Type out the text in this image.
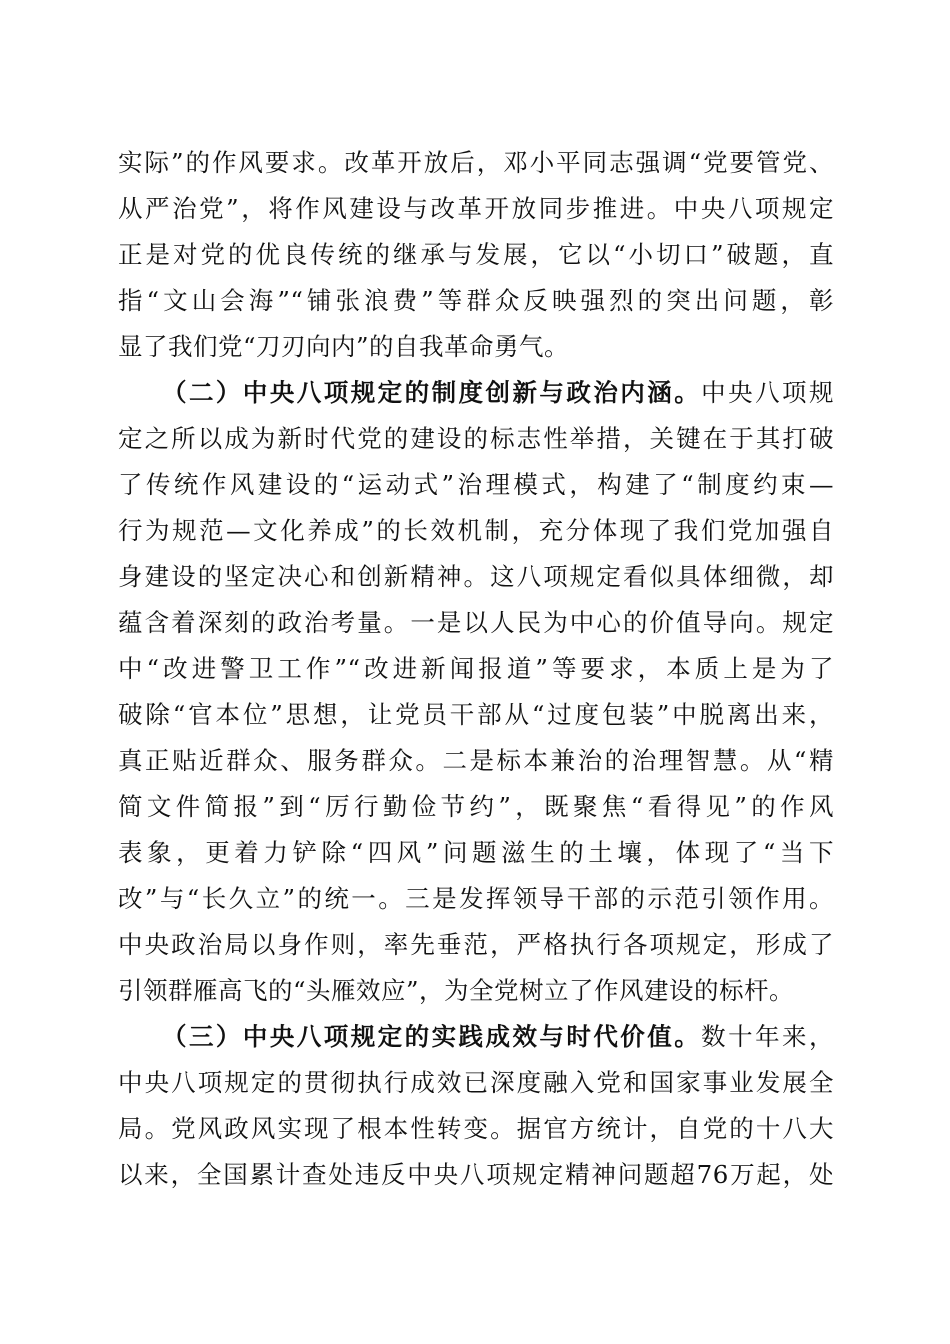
实际”的作风要求。改革开放后，邓小平同志强调“党要管党、
从严治党”，将作风建设与改革开放同步推进。中央八项规定
正是对党的优良传统的继承与发展，它以“小切口”破题，直
指“文山会海”“铺张浪费”等群众反映强烈的突出问题，彰
显了我们党“刀刃向内”的自我革命勇气。
（二）中央八项规定的制度创新与政治内涵。中央八项规
定之所以成为新时代党的建设的标志性举措，关键在于其打破
了传统作风建设的“运动式”治理模式，构建了“制度约束—
行为规范—文化养成”的长效机制，充分体现了我们党加强自
身建设的坚定决心和创新精神。这八项规定看似具体细微，却
蕴含着深刻的政治考量。一是以人民为中心的价值导向。规定
中“改进警卫工作”“改进新闻报道”等要求，本质上是为了
破除“官本位”思想，让党员干部从“过度包装”中脱离出来，
真正贴近群众、服务群众。二是标本兼治的治理智慧。从“精
简文件简报”到“厉行勤俭节约”，既聚焦“看得见”的作风
表象，更着力铲除“四风”问题滋生的土壤，体现了“当下
改”与“长久立”的统一。三是发挥领导干部的示范引领作用。
中央政治局以身作则，率先垂范，严格执行各项规定，形成了
引领群雁高飞的“头雁效应”，为全党树立了作风建设的标杆。
（三）中央八项规定的实践成效与时代价值。数十年来，
中央八项规定的贯彻执行成效已深度融入党和国家事业发展全
局。党风政风实现了根本性转变。据官方统计，自党的十八大
以来，全国累计查处违反中央八项规定精神问题超76万起，处
